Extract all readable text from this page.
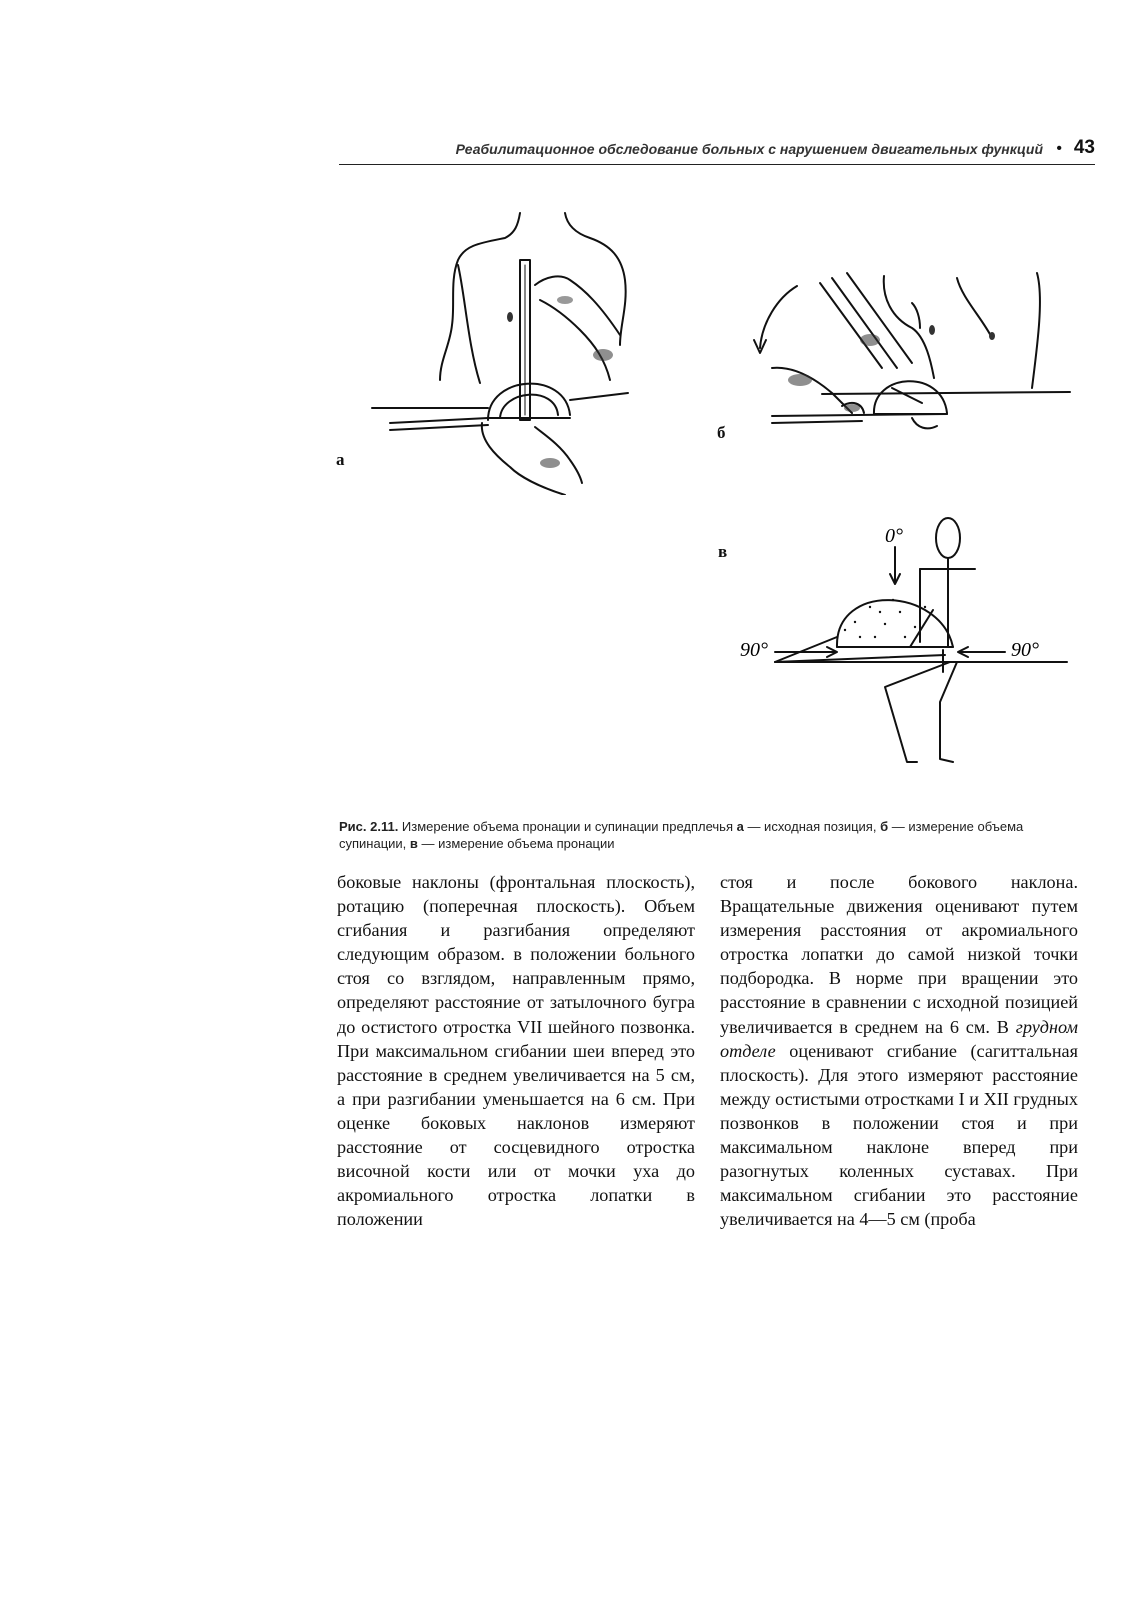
Реабилитационное обследование больных с нарушением двигательных функций • 43
а
б
0°
90°	90°
в
Рис. 2.11. Измерение объема пронации и супинации предплечья а — исходная позиция, б — измерение объема супинации, в — измерение объема пронации

боковые наклоны (фронтальная плоскость), ротацию (поперечная плоскость). Объем сгибания и разгибания определяют следующим образом. в положении больного стоя со взглядом, направленным прямо, определяют расстояние от затылочного бугра до остистого отростка VII шейного позвонка. При максимальном сгибании шеи вперед это расстояние в среднем увеличивается на 5 см, а при разгибании уменьшается на 6 см. При оценке боковых наклонов измеряют расстояние от сосцевидного отростка височной кости или от мочки уха до акромиального отростка лопатки в положении

стоя и после бокового наклона. Вращательные движения оценивают путем измерения расстояния от акромиального отростка лопатки до самой низкой точки подбородка. В норме при вращении это расстояние в сравнении с исходной позицией увеличивается в среднем на 6 см. В грудном отделе оценивают сгибание (сагиттальная плоскость). Для этого измеряют расстояние между остистыми отростками I и XII грудных позвонков в положении стоя и при максимальном наклоне вперед при разогнутых коленных суставах. При максимальном сгибании это расстояние увеличивается на 4—5 см (проба
